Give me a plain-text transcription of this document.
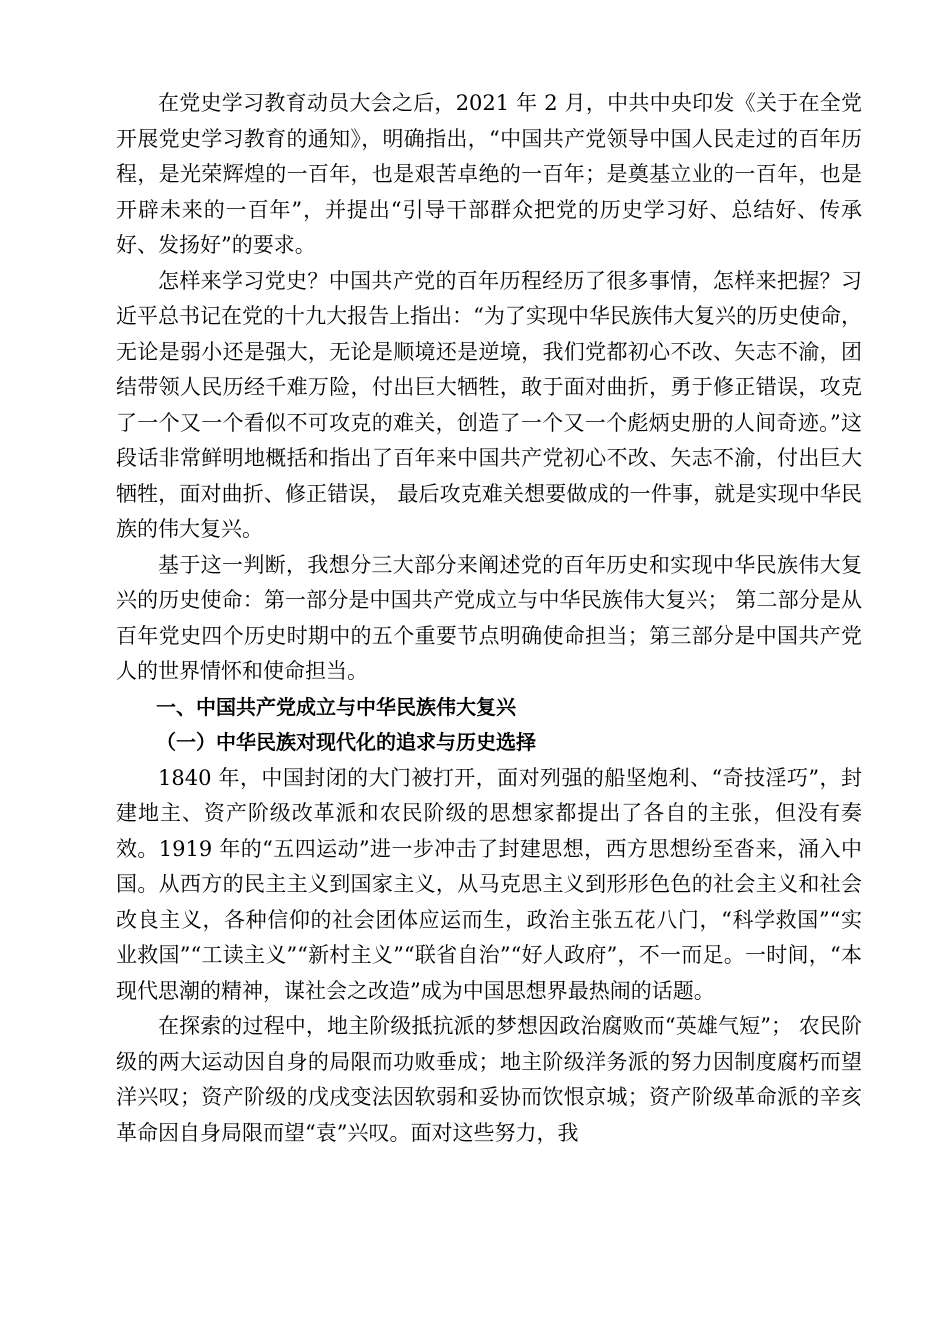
在党史学习教育动员大会之后，2021 年 2 月，中共中央印发《关于在全党开展党史学习教育的通知》，明确指出，“中国共产党领导中国人民走过的百年历程，是光荣辉煌的一百年，也是艰苦卓绝的一百年；是奠基立业的一百年，也是开辟未来的一百年”，并提出“引导干部群众把党的历史学习好、总结好、传承好、发扬好”的要求。

怎样来学习党史？中国共产党的百年历程经历了很多事情，怎样来把握？习近平总书记在党的十九大报告上指出：“为了实现中华民族伟大复兴的历史使命，无论是弱小还是强大，无论是顺境还是逆境，我们党都初心不改、矢志不渝，团结带领人民历经千难万险，付出巨大牺牲，敢于面对曲折，勇于修正错误，攻克了一个又一个看似不可攻克的难关，创造了一个又一个彪炳史册的人间奇迹。”这段话非常鲜明地概括和指出了百年来中国共产党初心不改、矢志不渝，付出巨大牺牲，面对曲折、修正错误， 最后攻克难关想要做成的一件事，就是实现中华民族的伟大复兴。

基于这一判断，我想分三大部分来阐述党的百年历史和实现中华民族伟大复兴的历史使命：第一部分是中国共产党成立与中华民族伟大复兴； 第二部分是从百年党史四个历史时期中的五个重要节点明确使命担当；第三部分是中国共产党人的世界情怀和使命担当。

一、中国共产党成立与中华民族伟大复兴

（一）中华民族对现代化的追求与历史选择

1840 年，中国封闭的大门被打开，面对列强的船坚炮利、“奇技淫巧”，封建地主、资产阶级改革派和农民阶级的思想家都提出了各自的主张，但没有奏效。1919 年的“五四运动”进一步冲击了封建思想，西方思想纷至沓来，涌入中国。从西方的民主主义到国家主义，从马克思主义到形形色色的社会主义和社会改良主义，各种信仰的社会团体应运而生，政治主张五花八门，“科学救国”“实业救国”“工读主义”“新村主义”“联省自治”“好人政府”，不一而足。一时间，“本现代思潮的精神，谋社会之改造”成为中国思想界最热闹的话题。

在探索的过程中，地主阶级抵抗派的梦想因政治腐败而“英雄气短”； 农民阶级的两大运动因自身的局限而功败垂成；地主阶级洋务派的努力因制度腐朽而望洋兴叹；资产阶级的戊戌变法因软弱和妥协而饮恨京城；资产阶级革命派的辛亥革命因自身局限而望“袁”兴叹。面对这些努力，我
